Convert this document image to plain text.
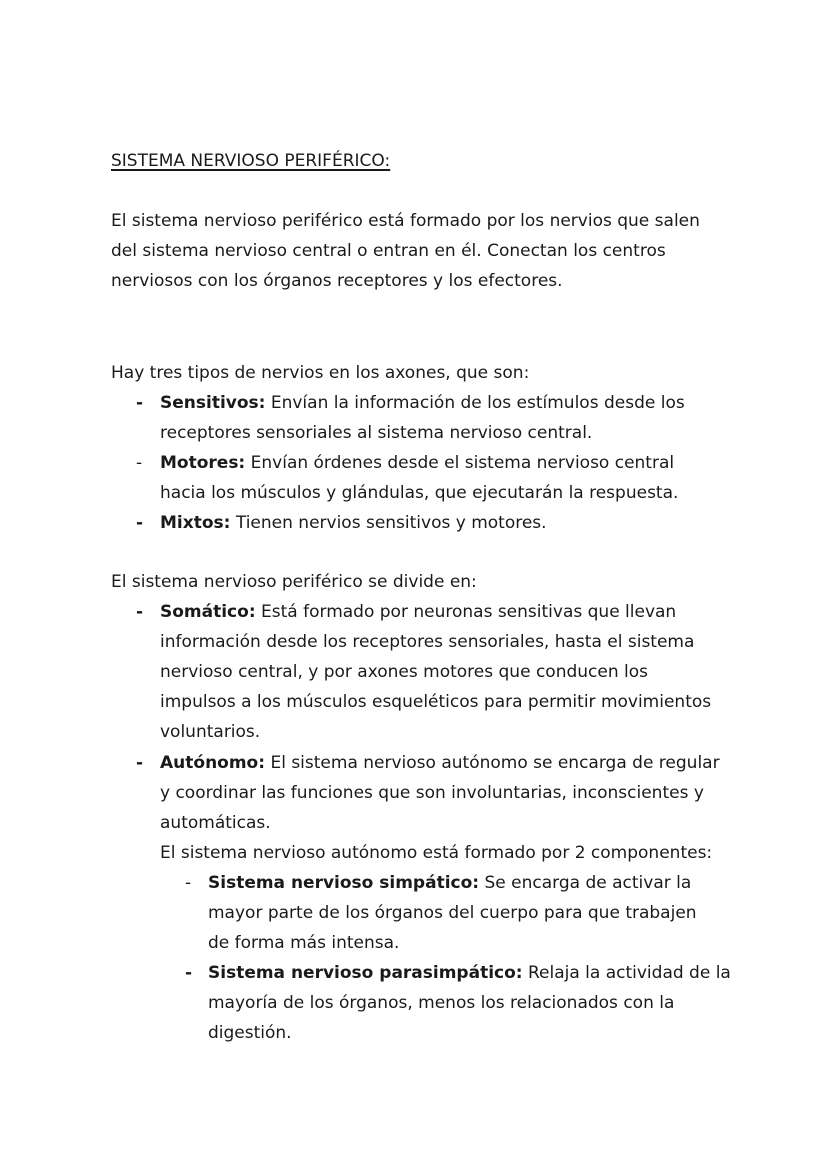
SISTEMA NERVIOSO PERIFÉRICO:
El sistema nervioso periférico está formado por los nervios que salen
del sistema nervioso central o entran en él. Conectan los centros
nerviosos con los órganos receptores y los efectores.
Hay tres tipos de nervios en los axones, que son:
- Sensitivos: Envían la información de los estímulos desde los
receptores sensoriales al sistema nervioso central.
- Motores: Envían órdenes desde el sistema nervioso central
hacia los músculos y glándulas, que ejecutarán la respuesta.
- Mixtos: Tienen nervios sensitivos y motores.
El sistema nervioso periférico se divide en:
- Somático: Está formado por neuronas sensitivas que llevan
información desde los receptores sensoriales, hasta el sistema
nervioso central, y por axones motores que conducen los
impulsos a los músculos esqueléticos para permitir movimientos
voluntarios.
- Autónomo: El sistema nervioso autónomo se encarga de regular
y coordinar las funciones que son involuntarias, inconscientes y
automáticas.
El sistema nervioso autónomo está formado por 2 componentes:
- Sistema nervioso simpático: Se encarga de activar la
mayor parte de los órganos del cuerpo para que trabajen
de forma más intensa.
- Sistema nervioso parasimpático: Relaja la actividad de la
mayoría de los órganos, menos los relacionados con la
digestión.
